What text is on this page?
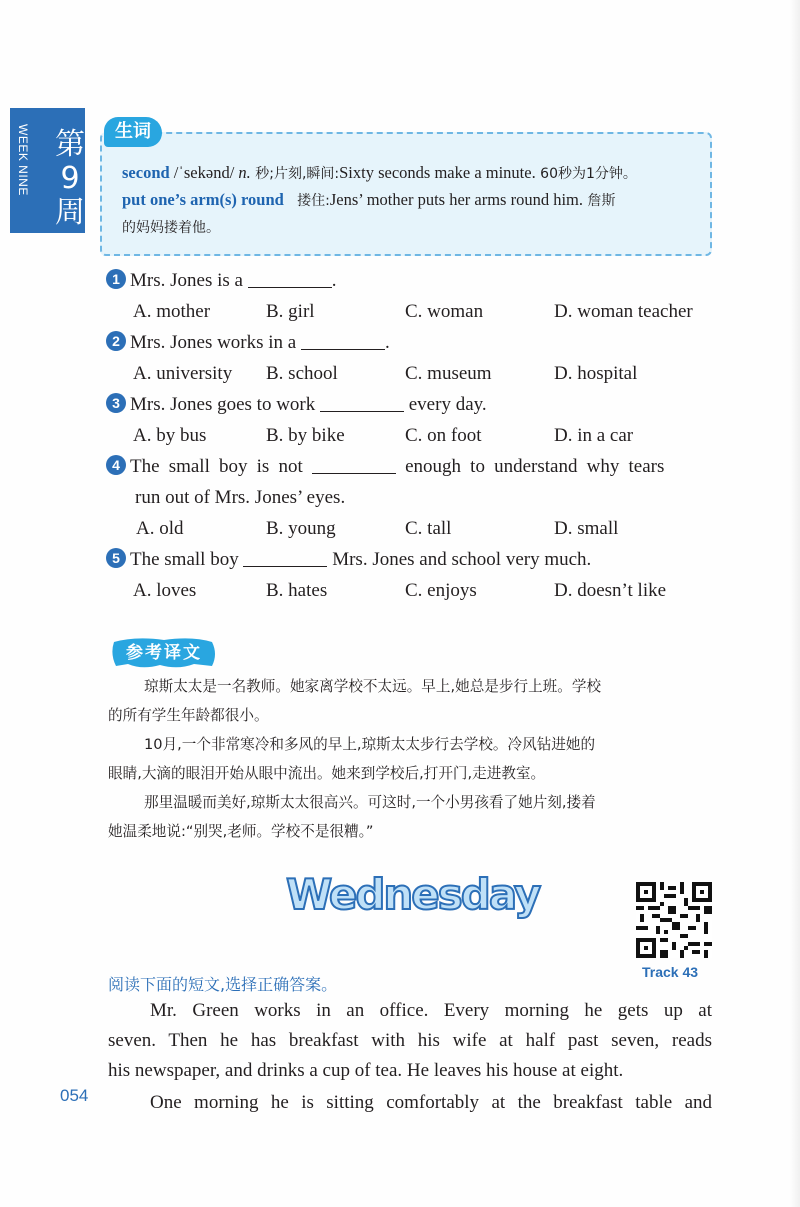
WEEK NINE 第9周
生词
second /ˈsekənd/ n. 秒;片刻,瞬间:Sixty seconds make a minute. 60秒为1分钟。
put one’s arm(s) round   搂住:Jens’ mother puts her arms round him. 詹斯
的妈妈搂着他。
1 Mrs. Jones is a	.
A. mother	B. girl	C. woman	D. woman teacher
2 Mrs. Jones works in a	.
A. university B. school	C. museum	D. hospital
3 Mrs. Jones goes to work	every day.
A. by bus	B. by bike	C. on foot	D. in a car
4 The small boy is not	enough to understand why tears
run out of Mrs. Jones’ eyes.
A. old	B. young	C. tall	D. small
5 The small boy	Mrs. Jones and school very much.
A. loves	B. hates	C. enjoys	D. doesn’t like
参考译文
琼斯太太是一名教师。她家离学校不太远。早上,她总是步行上班。学校
的所有学生年龄都很小。
10月,一个非常寒冷和多风的早上,琼斯太太步行去学校。冷风钻进她的
眼睛,大滴的眼泪开始从眼中流出。她来到学校后,打开门,走进教室。
那里温暖而美好,琼斯太太很高兴。可这时,一个小男孩看了她片刻,搂着
她温柔地说:“别哭,老师。学校不是很糟。”
Wednesday
Track 43
阅读下面的短文,选择正确答案。
Mr. Green works in an office. Every morning he gets up at
seven. Then he has breakfast with his wife at half past seven, reads
his newspaper, and drinks a cup of tea. He leaves his house at eight.
One morning he is sitting comfortably at the breakfast table and
054
